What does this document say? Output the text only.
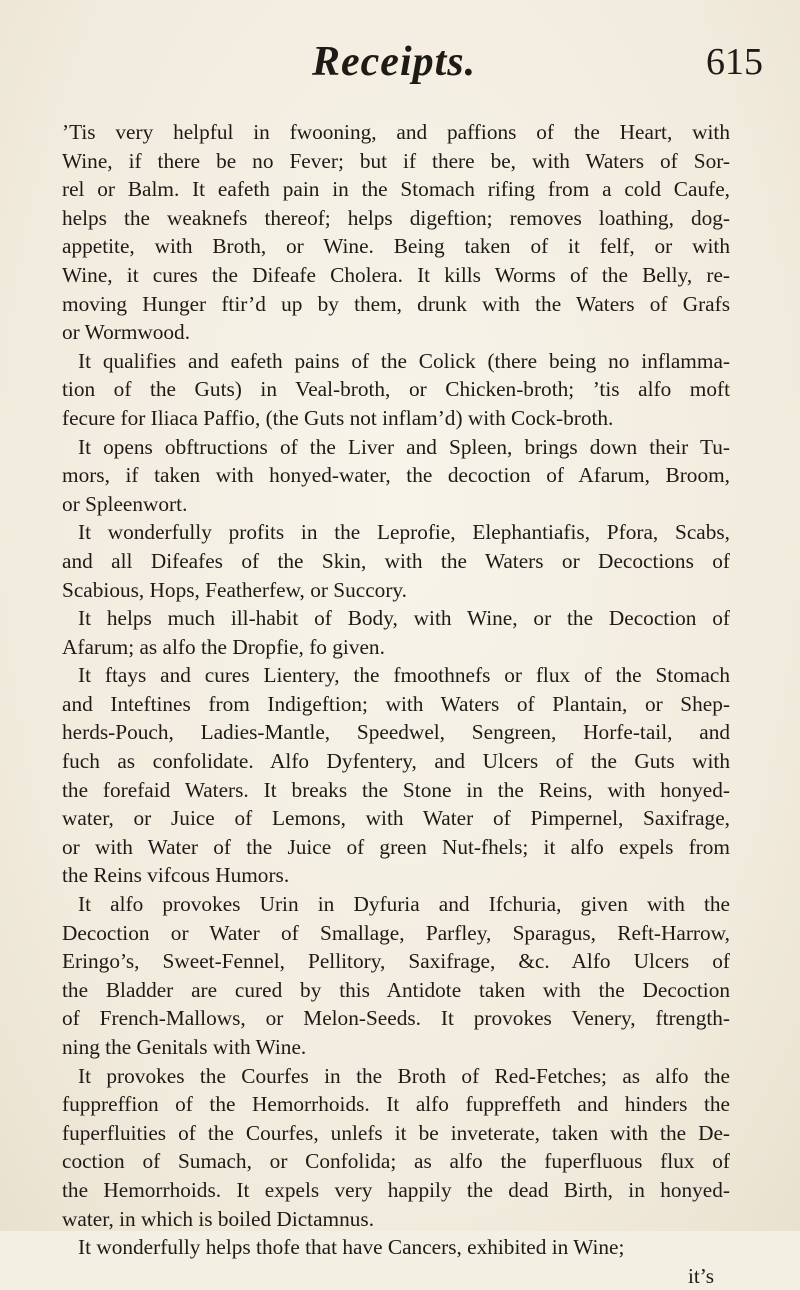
Receipts.	615
’Tis very helpful in fwooning, and paffions of the Heart, with
Wine, if there be no Fever; but if there be, with Waters of Sor-
rel or Balm. It eafeth pain in the Stomach rifing from a cold Caufe,
helps the weaknefs thereof; helps digeftion; removes loathing, dog-
appetite, with Broth, or Wine. Being taken of it felf, or with
Wine, it cures the Difeafe Cholera. It kills Worms of the Belly, re-
moving Hunger ftir’d up by them, drunk with the Waters of Grafs
or Wormwood.
It qualifies and eafeth pains of the Colick (there being no inflamma-
tion of the Guts) in Veal-broth, or Chicken-broth; ’tis alfo moft
fecure for Iliaca Paffio, (the Guts not inflam’d) with Cock-broth.
It opens obftructions of the Liver and Spleen, brings down their Tu-
mors, if taken with honyed-water, the decoction of Afarum, Broom,
or Spleenwort.
It wonderfully profits in the Leprofie, Elephantiafis, Pfora, Scabs,
and all Difeafes of the Skin, with the Waters or Decoctions of
Scabious, Hops, Featherfew, or Succory.
It helps much ill-habit of Body, with Wine, or the Decoction of
Afarum; as alfo the Dropfie, fo given.
It ftays and cures Lientery, the fmoothnefs or flux of the Stomach
and Inteftines from Indigeftion; with Waters of Plantain, or Shep-
herds-Pouch, Ladies-Mantle, Speedwel, Sengreen, Horfe-tail, and
fuch as confolidate. Alfo Dyfentery, and Ulcers of the Guts with
the forefaid Waters. It breaks the Stone in the Reins, with honyed-
water, or Juice of Lemons, with Water of Pimpernel, Saxifrage,
or with Water of the Juice of green Nut-fhels; it alfo expels from
the Reins vifcous Humors.
It alfo provokes Urin in Dyfuria and Ifchuria, given with the
Decoction or Water of Smallage, Parfley, Sparagus, Reft-Harrow,
Eringo’s, Sweet-Fennel, Pellitory, Saxifrage, &c. Alfo Ulcers of
the Bladder are cured by this Antidote taken with the Decoction
of French-Mallows, or Melon-Seeds. It provokes Venery, ftrength-
ning the Genitals with Wine.
It provokes the Courfes in the Broth of Red-Fetches; as alfo the
fuppreffion of the Hemorrhoids. It alfo fuppreffeth and hinders the
fuperfluities of the Courfes, unlefs it be inveterate, taken with the De-
coction of Sumach, or Confolida; as alfo the fuperfluous flux of
the Hemorrhoids. It expels very happily the dead Birth, in honyed-
water, in which is boiled Dictamnus.
It wonderfully helps thofe that have Cancers, exhibited in Wine;
it’s
